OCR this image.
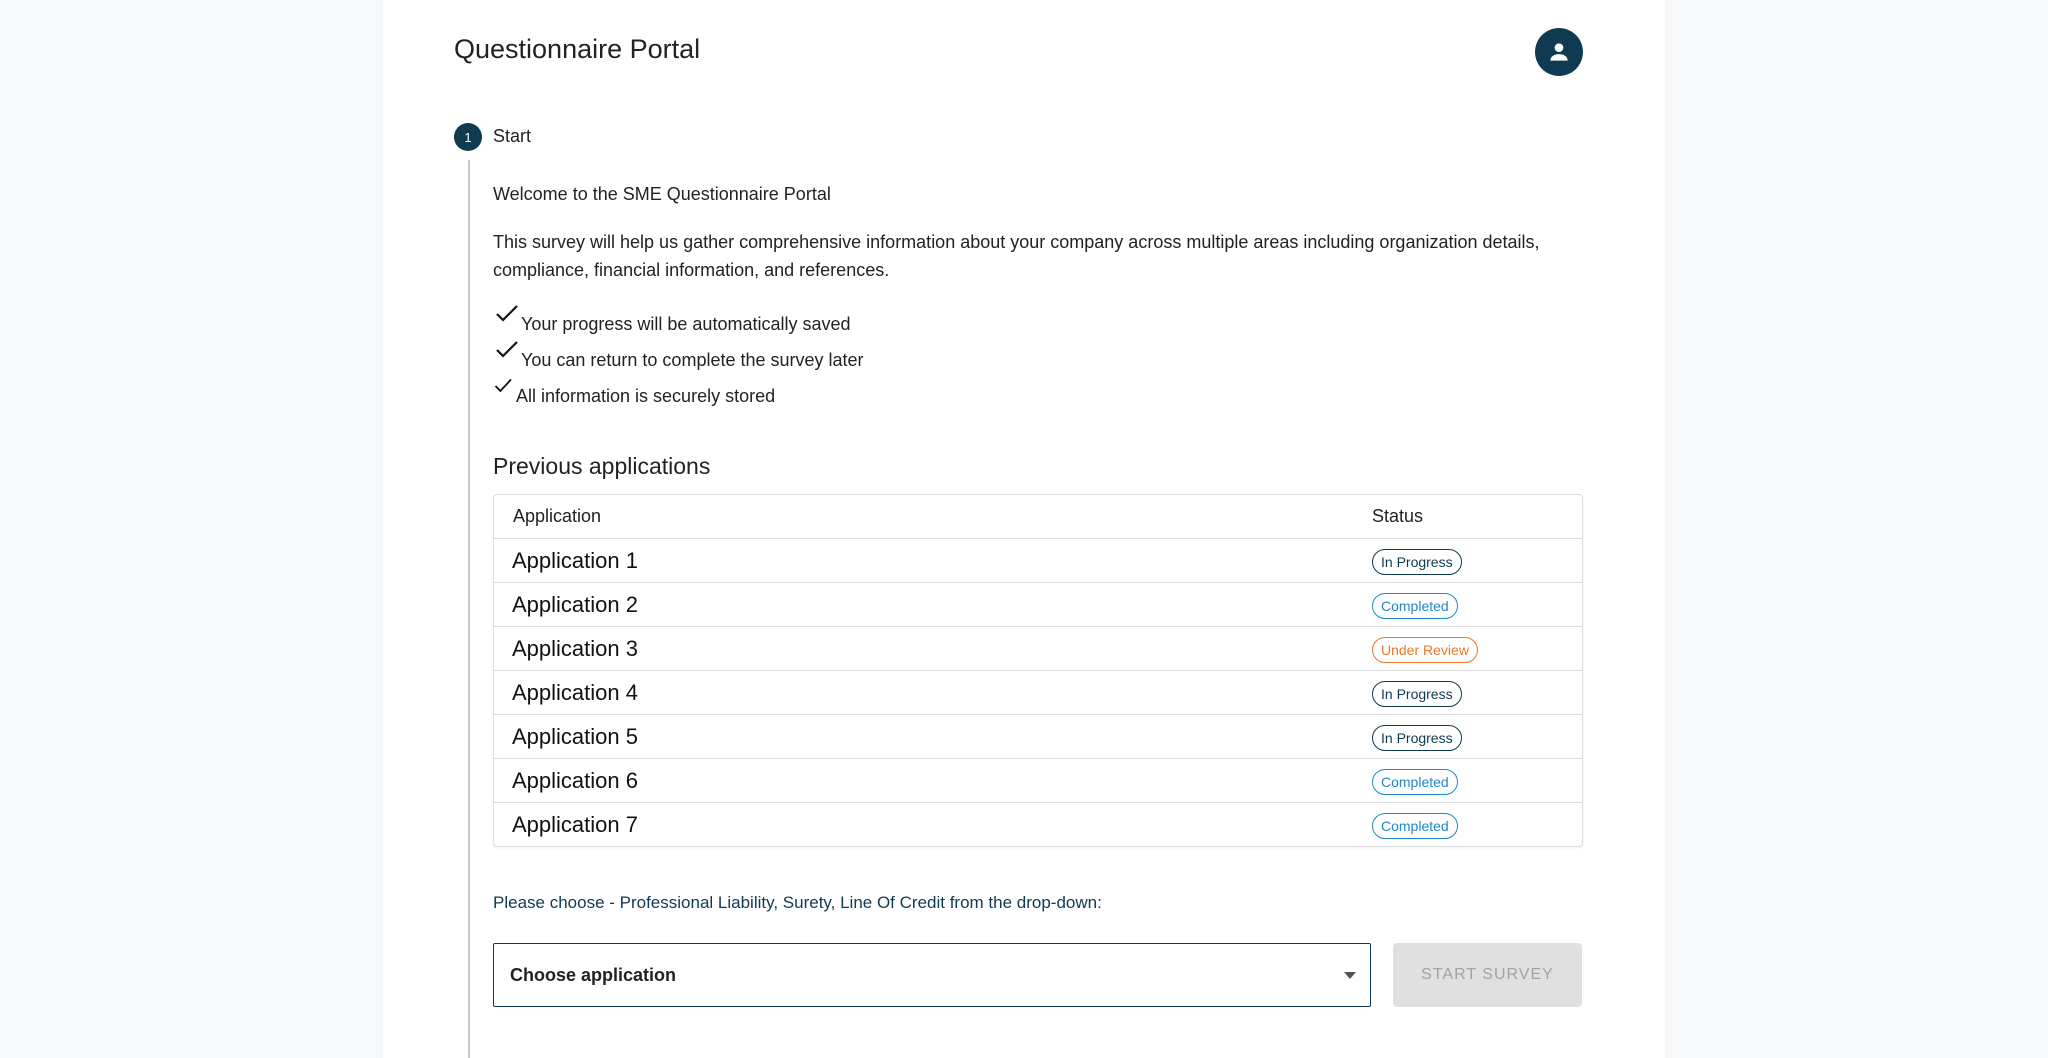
Questionnaire Portal
1	Start

Welcome to the SME Questionnaire Portal

This survey will help us gather comprehensive information about your company across multiple areas including organization details, compliance, financial information, and references.

Your progress will be automatically saved
You can return to complete the survey later
All information is securely stored
Previous applications
Application	Status
Application 1	In Progress
Application 2	Completed
Application 3	Under Review
Application 4	In Progress
Application 5	In Progress
Application 6	Completed
Application 7	Completed

Please choose - Professional Liability, Surety, Line Of Credit from the drop-down:

Choose application	START SURVEY
